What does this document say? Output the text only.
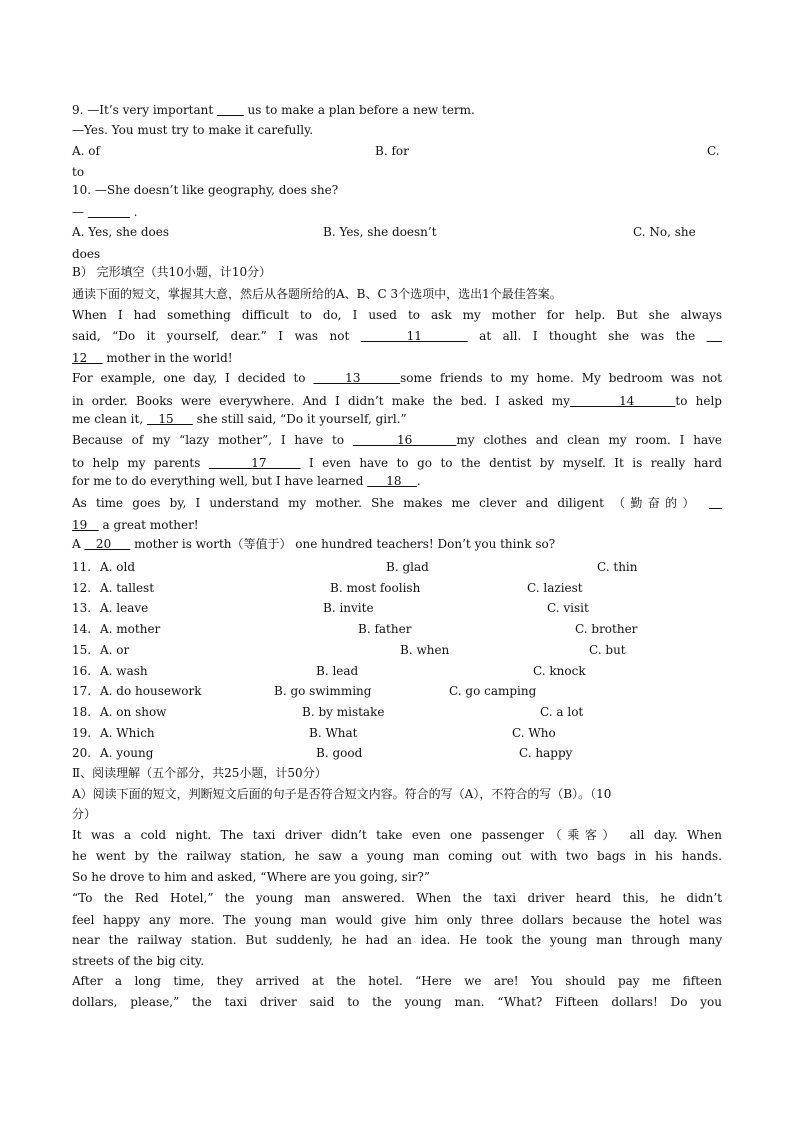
9. —It’s very important         us to make a plan before a new term.
—Yes. You must try to make it carefully.
A. of	B. for	C.
to
10. —She doesn’t like geography, does she?
—	.
A. Yes, she does	B. Yes, she doesn’t	C. No, she
does
B） 完形填空（共10小题，计10分）
通读下面的短文，掌握其大意，然后从各题所给的A、B、C 3个选项中，选出1个最佳答案。
When I had something difficult to do, I used to ask my mother for help. But she always
said, “Do it yourself, dear.” I was not     11     at all. I thought she was the
12     mother in the world!
For example, one day, I decided to     13     some friends to my home. My bedroom was not
in order. Books were everywhere. And I didn’t make the bed. I asked my      14     to help
me clean it,    15      she still said, “Do it yourself, girl.”
Because of my “lazy mother”, I have to      16     my clothes and clean my room. I have
to help my parents      17     I even have to go to the dentist by myself. It is really hard
for me to do everything well, but I have learned      18    .
As time goes by, I understand my mother. She makes me clever and diligent （勤奋的）
19    a great mother!
A    20      mother is worth（等值于） one hundred teachers! Don’t you think so?
11. A. old	B. glad	C. thin
12. A. tallest	B. most foolish	C. laziest
13. A. leave	B. invite	C. visit
14. A. mother	B. father	C. brother
15. A. or	B. when	C. but
16. A. wash	B. lead	C. knock
17. A. do housework	B. go swimming	C. go camping
18. A. on show	B. by mistake	C. a lot
19. A. Which	B. What	C. Who
20. A. young	B. good	C. happy
Ⅱ、阅读理解（五个部分，共25小题，计50分）
A）阅读下面的短文，判断短文后面的句子是否符合短文内容。符合的写（A），不符合的写（B）。（10
分）
It was a cold night. The taxi driver didn’t take even one passenger（乘客） all day. When
he went by the railway station, he saw a young man coming out with two bags in his hands.
So he drove to him and asked, “Where are you going, sir?”
“To the Red Hotel,” the young man answered. When the taxi driver heard this, he didn’t
feel happy any more. The young man would give him only three dollars because the hotel was
near the railway station. But suddenly, he had an idea. He took the young man through many
streets of the big city.
After a long time, they arrived at the hotel. “Here we are! You should pay me fifteen
dollars, please,” the taxi driver said to the young man. “What? Fifteen dollars! Do you
